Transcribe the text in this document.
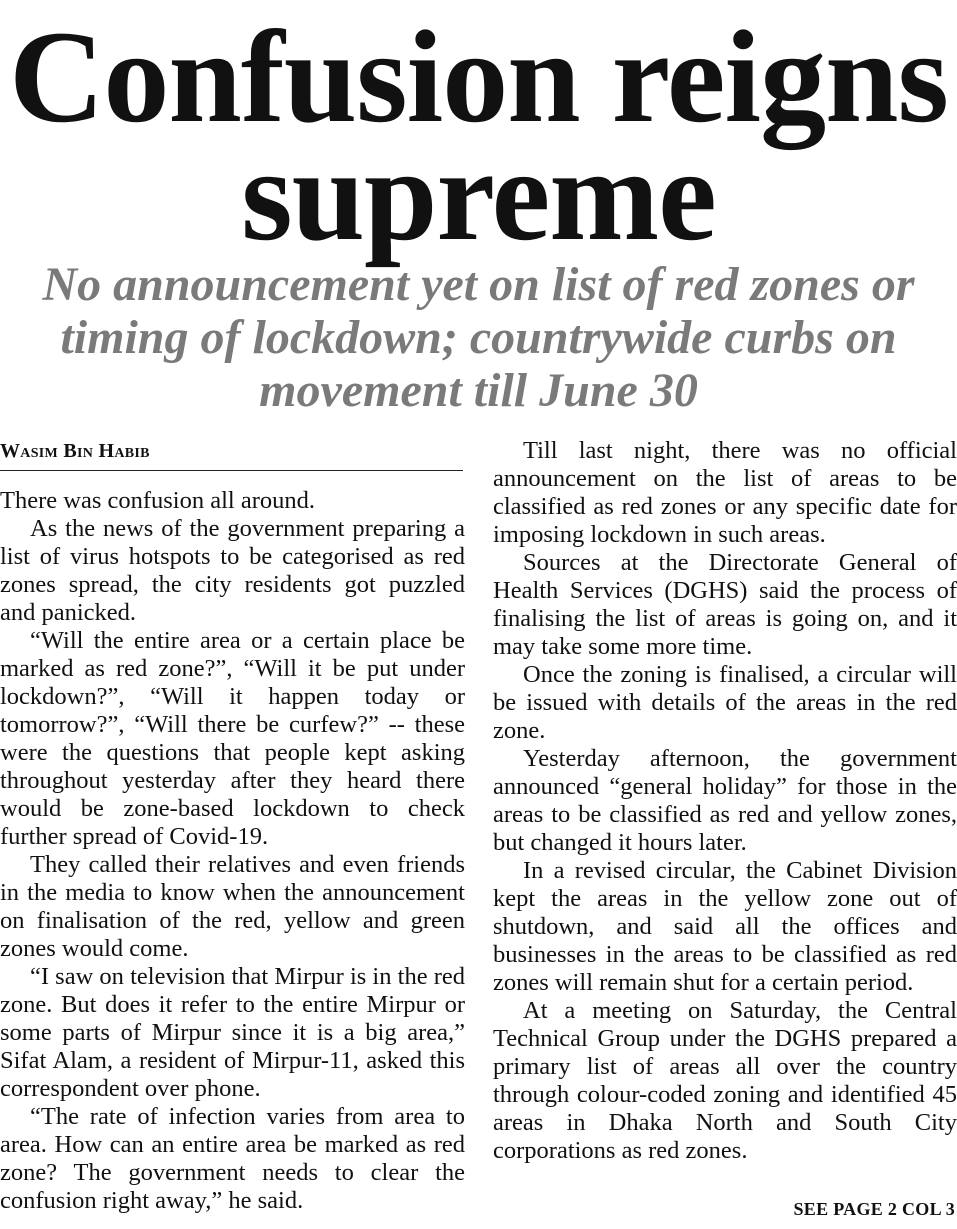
Confusion reigns supreme
No announcement yet on list of red zones or timing of lockdown; countrywide curbs on movement till June 30
Wasim Bin Habib

There was confusion all around.

As the news of the government preparing a list of virus hotspots to be categorised as red zones spread, the city residents got puzzled and panicked.

“Will the entire area or a certain place be marked as red zone?”, “Will it be put under lockdown?”, “Will it happen today or tomorrow?”, “Will there be curfew?” -- these were the questions that people kept asking throughout yesterday after they heard there would be zone-based lockdown to check further spread of Covid-19.

They called their relatives and even friends in the media to know when the announcement on finalisation of the red, yellow and green zones would come.

“I saw on television that Mirpur is in the red zone. But does it refer to the entire Mirpur or some parts of Mirpur since it is a big area,” Sifat Alam, a resident of Mirpur-11, asked this correspondent over phone.

“The rate of infection varies from area to area. How can an entire area be marked as red zone? The government needs to clear the confusion right away,” he said.

Till last night, there was no official announcement on the list of areas to be classified as red zones or any specific date for imposing lockdown in such areas.

Sources at the Directorate General of Health Services (DGHS) said the process of finalising the list of areas is going on, and it may take some more time.

Once the zoning is finalised, a circular will be issued with details of the areas in the red zone.

Yesterday afternoon, the government announced “general holiday” for those in the areas to be classified as red and yellow zones, but changed it hours later.

In a revised circular, the Cabinet Division kept the areas in the yellow zone out of shutdown, and said all the offices and businesses in the areas to be classified as red zones will remain shut for a certain period.

At a meeting on Saturday, the Central Technical Group under the DGHS prepared a primary list of areas all over the country through colour-coded zoning and identified 45 areas in Dhaka North and South City corporations as red zones.

SEE PAGE 2 COL 3
